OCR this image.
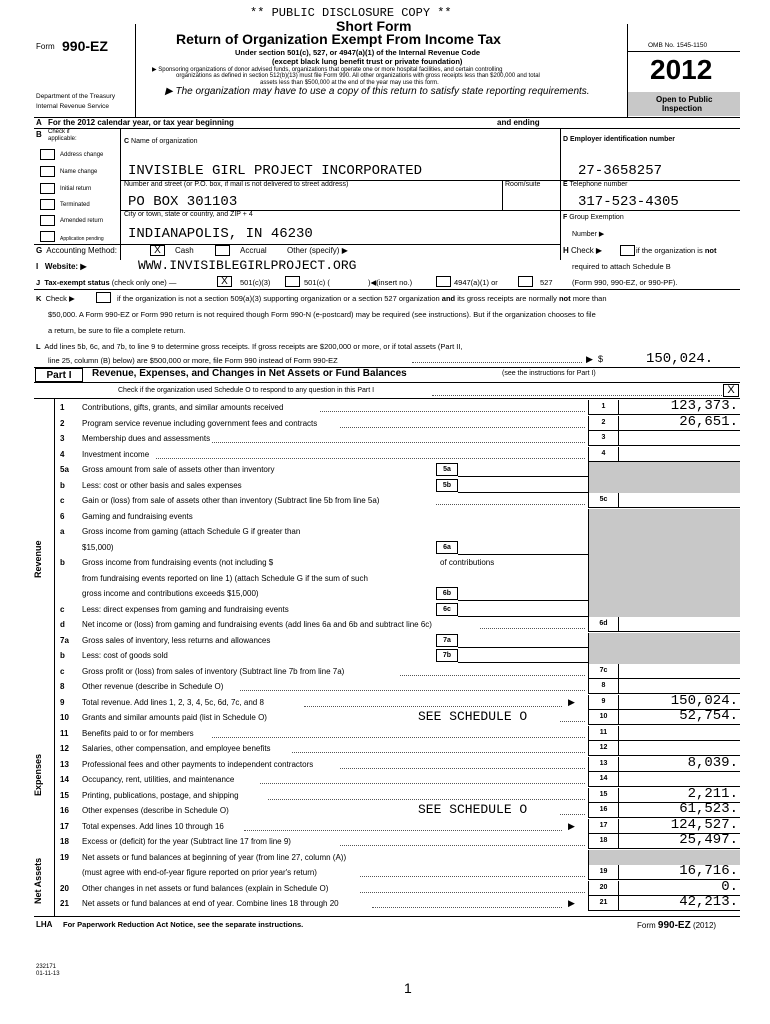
** PUBLIC DISCLOSURE COPY **
Short Form
Return of Organization Exempt From Income Tax
Under section 501(c), 527, or 4947(a)(1) of the Internal Revenue Code
(except black lung benefit trust or private foundation)
▶ Sponsoring organizations of donor advised funds, organizations that operate one or more hospital facilities, and certain controlling
organizations as defined in section 512(b)(13) must file Form 990. All other organizations with gross receipts less than $200,000 and total
assets less than $500,000 at the end of the year may use this form.
▶ The organization may have to use a copy of this return to satisfy state reporting requirements.
Form 990-EZ
Department of the Treasury
Internal Revenue Service
OMB No. 1545-1150
2012
Open to Public
Inspection
A For the 2012 calendar year, or tax year beginning	and ending
B Check if
applicable:
Address change
Name change
Initial return
Terminated
Amended return
Application pending
C Name of organization
INVISIBLE GIRL PROJECT INCORPORATED
Number and street (or P.O. box, if mail is not delivered to street address)	Room/suite
PO BOX 301103
City or town, state or country, and ZIP + 4
INDIANAPOLIS, IN 46230
D Employer identification number
27-3658257
E Telephone number
317-523-4305
F Group Exemption
Number ▶
G Accounting Method:	X	Cash	Accrual	Other (specify) ▶	H Check ▶	if the organization is not
required to attach Schedule B
(Form 990, 990-EZ, or 990-PF).
I Website: ▶	WWW.INVISIBLEGIRLPROJECT.ORG
J Tax-exempt status (check only one) —	X	501(c)(3)	501(c) (	)◀(insert no.)	4947(a)(1) or	527
K Check ▶	if the organization is not a section 509(a)(3) supporting organization or a section 527 organization and its gross receipts are normally not more than
$50,000. A Form 990-EZ or Form 990 return is not required though Form 990-N (e-postcard) may be required (see instructions). But if the organization chooses to file
a return, be sure to file a complete return.
L Add lines 5b, 6c, and 7b, to line 9 to determine gross receipts. If gross receipts are $200,000 or more, or if total assets (Part II,
line 25, column (B) below) are $500,000 or more, file Form 990 instead of Form 990-EZ	▶  $	150,024.
Part I	Revenue, Expenses, and Changes in Net Assets or Fund Balances	(see the instructions for Part I)
Check if the organization used Schedule O to respond to any question in this Part I	X
Revenue
Expenses
Net Assets
1	Contributions, gifts, grants, and similar amounts received	1	123,373.
2	Program service revenue including government fees and contracts	2	26,651.
3	Membership dues and assessments	3
4	Investment income	4
5a	Gross amount from sale of assets other than inventory	5a
b	Less: cost or other basis and sales expenses	5b
c	Gain or (loss) from sale of assets other than inventory (Subtract line 5b from line 5a)	5c
6	Gaming and fundraising events
a	Gross income from gaming (attach Schedule G if greater than
$15,000)	6a
b	Gross income from fundraising events (not including $	of contributions
from fundraising events reported on line 1) (attach Schedule G if the sum of such
gross income and contributions exceeds $15,000)	6b
c	Less: direct expenses from gaming and fundraising events	6c
d	Net income or (loss) from gaming and fundraising events (add lines 6a and 6b and subtract line 6c)	6d
7a	Gross sales of inventory, less returns and allowances	7a
b	Less: cost of goods sold	7b
c	Gross profit or (loss) from sales of inventory (Subtract line 7b from line 7a)	7c
8	Other revenue (describe in Schedule O)	8
9	Total revenue. Add lines 1, 2, 3, 4, 5c, 6d, 7c, and 8	▶	9	150,024.
10	Grants and similar amounts paid (list in Schedule O)	SEE SCHEDULE O	10	52,754.
11	Benefits paid to or for members	11
12	Salaries, other compensation, and employee benefits	12
13	Professional fees and other payments to independent contractors	13	8,039.
14	Occupancy, rent, utilities, and maintenance	14
15	Printing, publications, postage, and shipping	15	2,211.
16	Other expenses (describe in Schedule O)	SEE SCHEDULE O	16	61,523.
17	Total expenses. Add lines 10 through 16	▶	17	124,527.
18	Excess or (deficit) for the year (Subtract line 17 from line 9)	18	25,497.
19	Net assets or fund balances at beginning of year (from line 27, column (A))
(must agree with end-of-year figure reported on prior year's return)	19	16,716.
20	Other changes in net assets or fund balances (explain in Schedule O)	20	0.
21	Net assets or fund balances at end of year. Combine lines 18 through 20	▶	21	42,213.
LHA For Paperwork Reduction Act Notice, see the separate instructions.	Form 990-EZ (2012)
232171
01-11-13
1
